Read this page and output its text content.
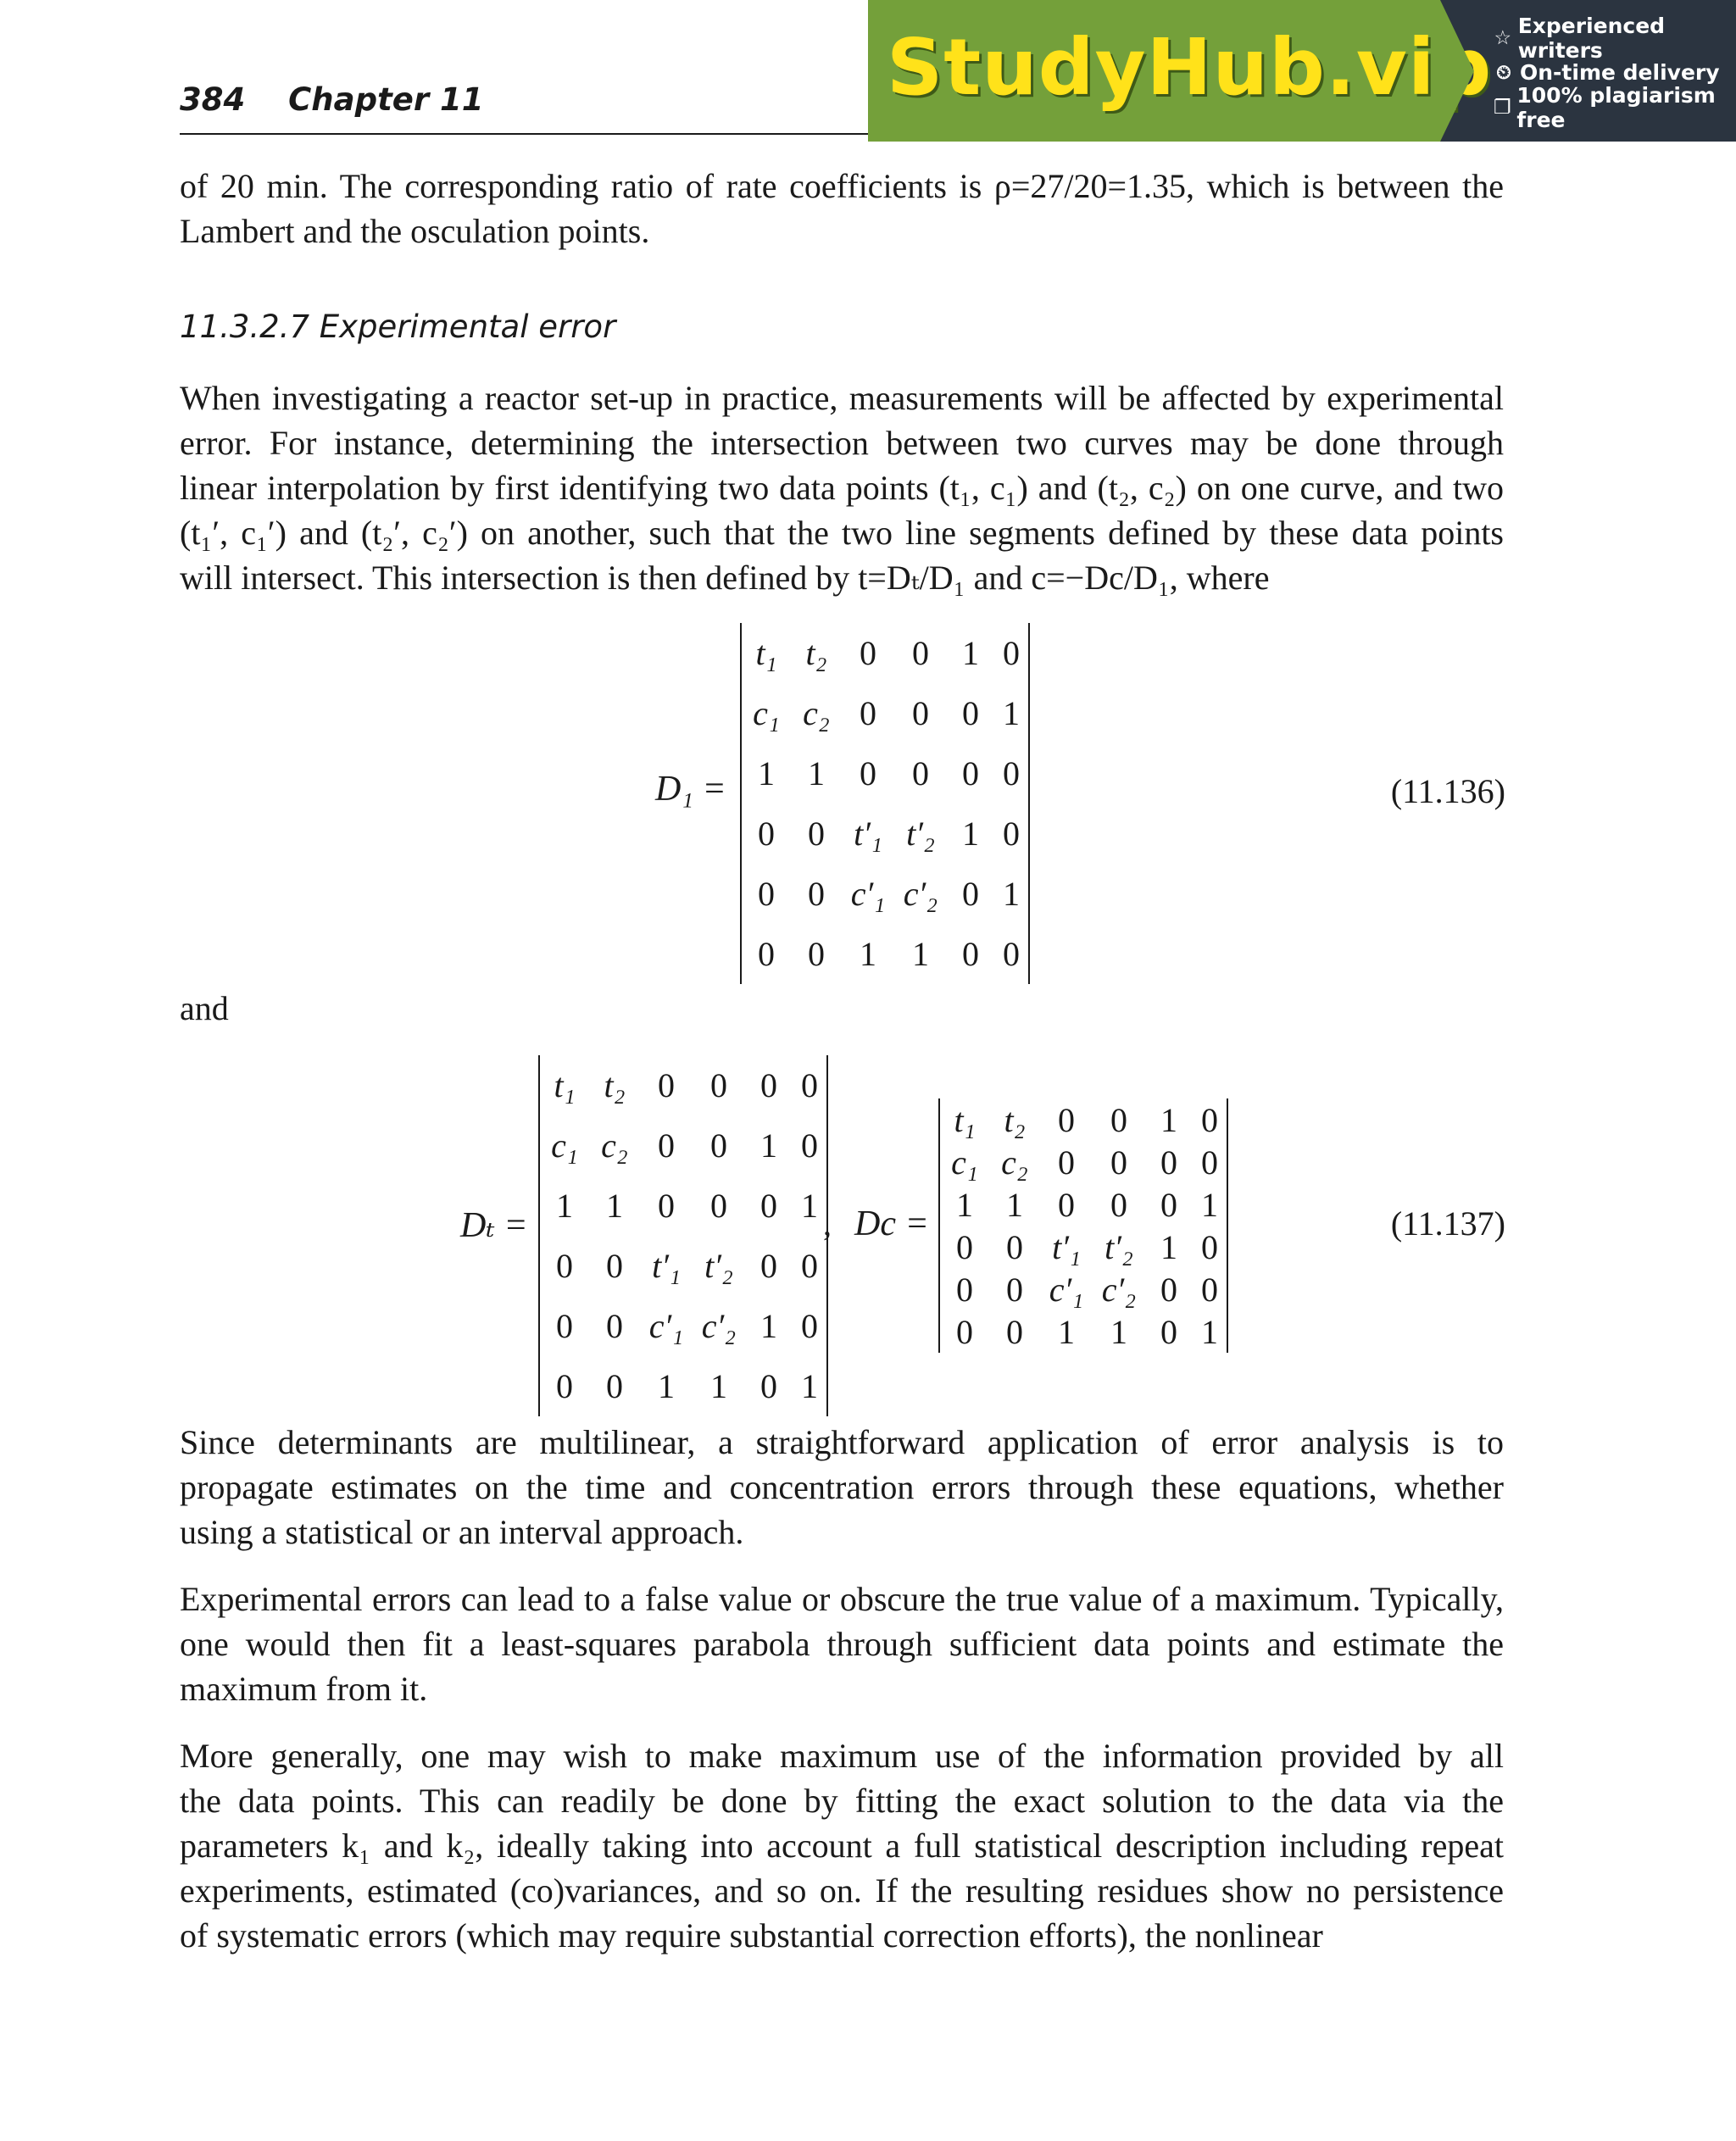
384 Chapter 11	StudyHub.vip ☆ Experienced writers
⏲ On-time delivery
❐ 100% plagiarism free
of 20 min. The corresponding ratio of rate coefficients is ρ=27/20=1.35, which is between the
Lambert and the osculation points.
11.3.2.7 Experimental error
When investigating a reactor set-up in practice, measurements will be affected by experimental
error. For instance, determining the intersection between two curves may be done through
linear interpolation by first identifying two data points (t₁, c₁) and (t₂, c₂) on one curve, and two
(t₁′, c₁′) and (t₂′, c₂′) on another, such that the two line segments defined by these data points
will intersect. This intersection is then defined by t=Dₜ/D₁ and c=−Dc/D₁, where
D₁ =
t₁	t₂	0	0	1	0
c₁	c₂	0	0	0	1
1	1	0	0	0	0
0	0	t′₁	t′₂	1	0
0	0	c′₁	c′₂	0	1
0	0	1	1	0	0
(11.136)
and
Dₜ =
t₁	t₂	0	0	0	0
c₁	c₂	0	0	1	0
1	1	0	0	0	1
0	0	t′₁	t′₂	0	0
0	0	c′₁	c′₂	1	0
0	0	1	1	0	1
, Dc =
t₁	t₂	0	0	1	0
c₁	c₂	0	0	0	0
1	1	0	0	0	1
0	0	t′₁	t′₂	1	0
0	0	c′₁	c′₂	0	0
0	0	1	1	0	1
(11.137)
Since determinants are multilinear, a straightforward application of error analysis is to
propagate estimates on the time and concentration errors through these equations, whether
using a statistical or an interval approach.
Experimental errors can lead to a false value or obscure the true value of a maximum. Typically,
one would then fit a least-squares parabola through sufficient data points and estimate the
maximum from it.
More generally, one may wish to make maximum use of the information provided by all
the data points. This can readily be done by fitting the exact solution to the data via the
parameters k₁ and k₂, ideally taking into account a full statistical description including repeat
experiments, estimated (co)variances, and so on. If the resulting residues show no persistence
of systematic errors (which may require substantial correction efforts), the nonlinear
